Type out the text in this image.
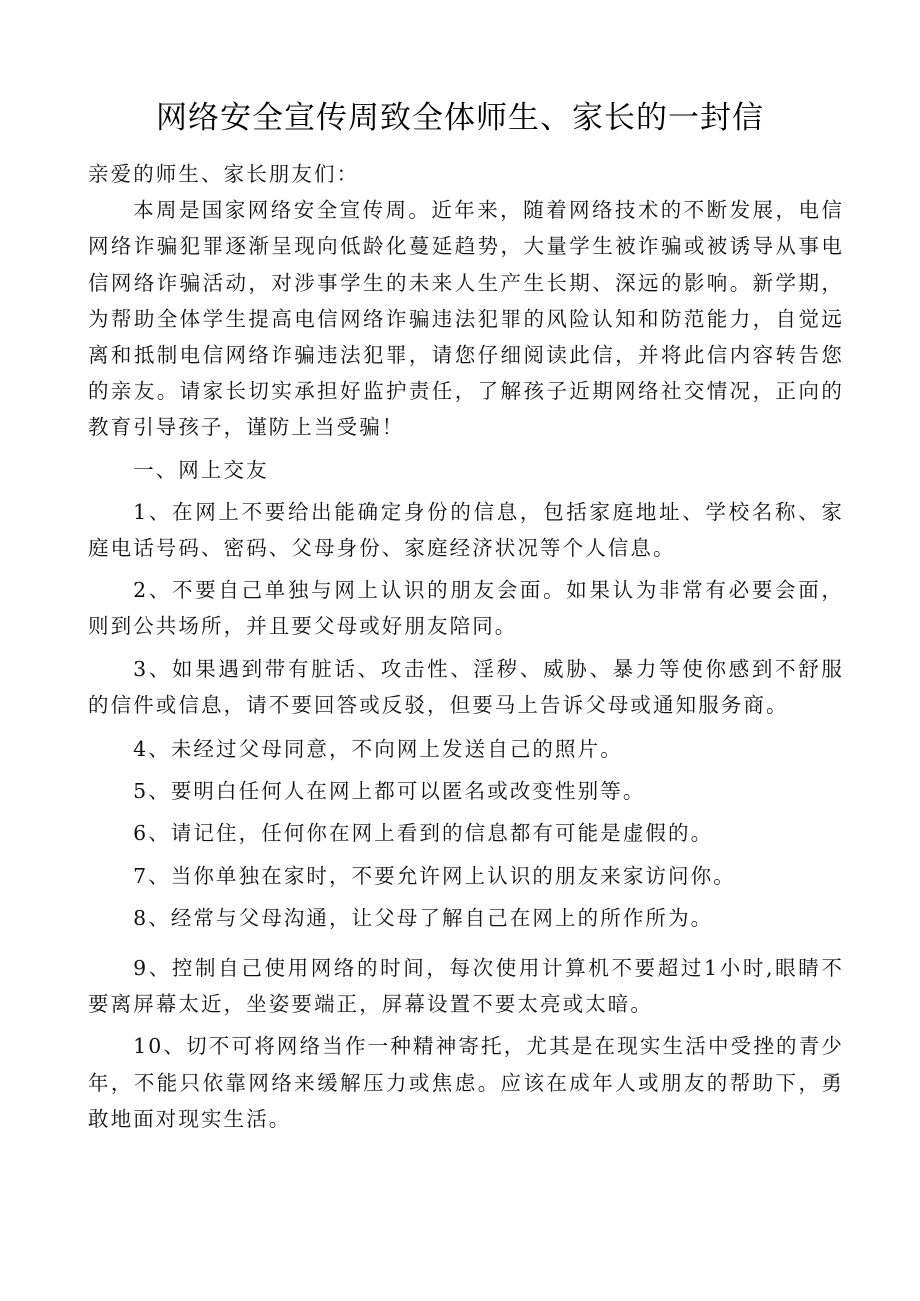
网络安全宣传周致全体师生、家长的一封信

亲爱的师生、家长朋友们：

本周是国家网络安全宣传周。近年来，随着网络技术的不断发展，电信网络诈骗犯罪逐渐呈现向低龄化蔓延趋势，大量学生被诈骗或被诱导从事电信网络诈骗活动，对涉事学生的未来人生产生长期、深远的影响。新学期，为帮助全体学生提高电信网络诈骗违法犯罪的风险认知和防范能力，自觉远离和抵制电信网络诈骗违法犯罪，请您仔细阅读此信，并将此信内容转告您的亲友。请家长切实承担好监护责任，了解孩子近期网络社交情况，正向的教育引导孩子，谨防上当受骗！

一、网上交友

1、在网上不要给出能确定身份的信息，包括家庭地址、学校名称、家庭电话号码、密码、父母身份、家庭经济状况等个人信息。

2、不要自己单独与网上认识的朋友会面。如果认为非常有必要会面，则到公共场所，并且要父母或好朋友陪同。

3、如果遇到带有脏话、攻击性、淫秽、威胁、暴力等使你感到不舒服的信件或信息，请不要回答或反驳，但要马上告诉父母或通知服务商。

4、未经过父母同意，不向网上发送自己的照片。

5、要明白任何人在网上都可以匿名或改变性别等。

6、请记住，任何你在网上看到的信息都有可能是虚假的。

7、当你单独在家时，不要允许网上认识的朋友来家访问你。

8、经常与父母沟通，让父母了解自己在网上的所作所为。

9、控制自己使用网络的时间，每次使用计算机不要超过1小时,眼睛不要离屏幕太近，坐姿要端正，屏幕设置不要太亮或太暗。

10、切不可将网络当作一种精神寄托，尤其是在现实生活中受挫的青少年，不能只依靠网络来缓解压力或焦虑。应该在成年人或朋友的帮助下，勇敢地面对现实生活。
